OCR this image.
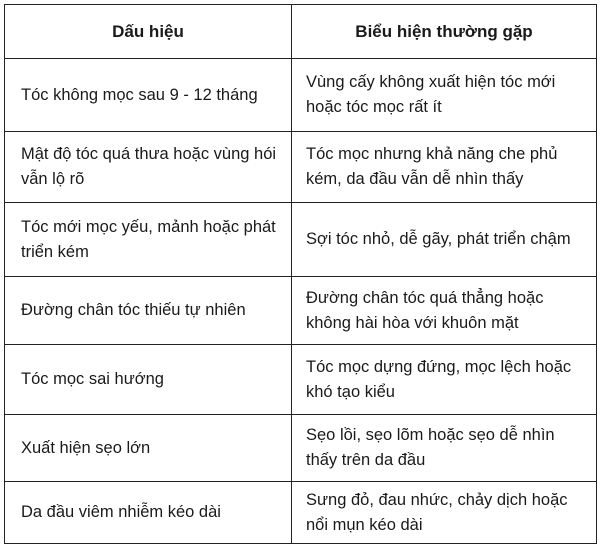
Dấu hiệu	Biểu hiện thường gặp
Tóc không mọc sau 9 - 12 tháng	Vùng cấy không xuất hiện tóc mới hoặc tóc mọc rất ít
Mật độ tóc quá thưa hoặc vùng hói vẫn lộ rõ	Tóc mọc nhưng khả năng che phủ kém, da đầu vẫn dễ nhìn thấy
Tóc mới mọc yếu, mảnh hoặc phát triển kém	Sợi tóc nhỏ, dễ gãy, phát triển chậm
Đường chân tóc thiếu tự nhiên	Đường chân tóc quá thẳng hoặc không hài hòa với khuôn mặt
Tóc mọc sai hướng	Tóc mọc dựng đứng, mọc lệch hoặc khó tạo kiểu
Xuất hiện sẹo lớn	Sẹo lồi, sẹo lõm hoặc sẹo dễ nhìn thấy trên da đầu
Da đầu viêm nhiễm kéo dài	Sưng đỏ, đau nhức, chảy dịch hoặc nổi mụn kéo dài
